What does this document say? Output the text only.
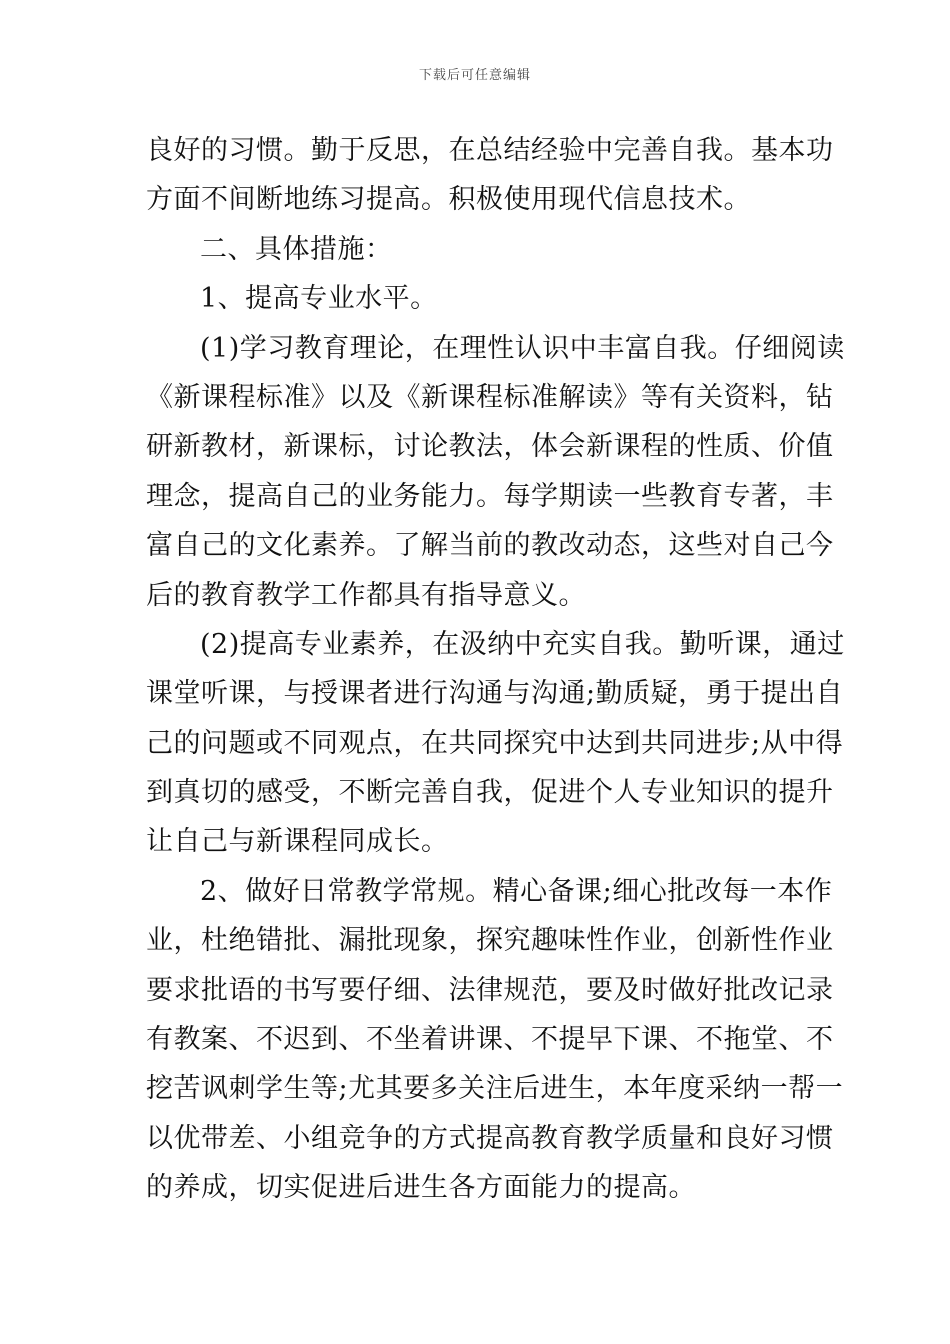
下载后可任意编辑
良好的习惯。勤于反思，在总结经验中完善自我。基本功
方面不间断地练习提高。积极使用现代信息技术。
二、具体措施：
1、提高专业水平。
(1)学习教育理论，在理性认识中丰富自我。仔细阅读
《新课程标准》以及《新课程标准解读》等有关资料，钻
研新教材，新课标，讨论教法，体会新课程的性质、价值
理念，提高自己的业务能力。每学期读一些教育专著，丰
富自己的文化素养。了解当前的教改动态，这些对自己今
后的教育教学工作都具有指导意义。
(2)提高专业素养，在汲纳中充实自我。勤听课，通过
课堂听课，与授课者进行沟通与沟通;勤质疑，勇于提出自
己的问题或不同观点，在共同探究中达到共同进步;从中得
到真切的感受，不断完善自我，促进个人专业知识的提升
让自己与新课程同成长。
2、做好日常教学常规。精心备课;细心批改每一本作
业，杜绝错批、漏批现象，探究趣味性作业，创新性作业
要求批语的书写要仔细、法律规范，要及时做好批改记录
有教案、不迟到、不坐着讲课、不提早下课、不拖堂、不
挖苦讽刺学生等;尤其要多关注后进生，本年度采纳一帮一
以优带差、小组竞争的方式提高教育教学质量和良好习惯
的养成，切实促进后进生各方面能力的提高。
